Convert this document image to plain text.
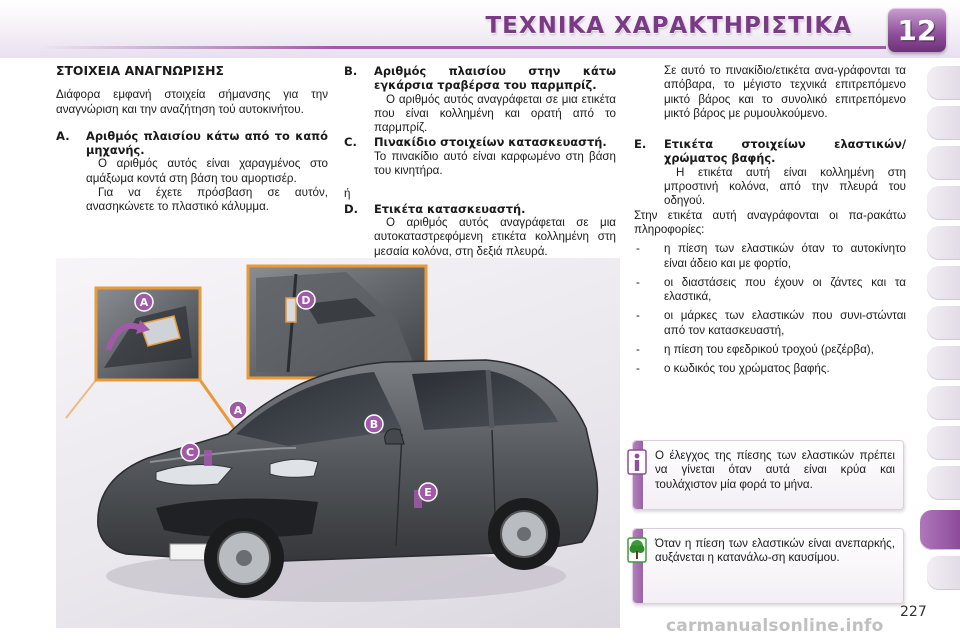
ΤΕΧΝΙΚΑ ΧΑΡΑΚΤΗΡΙΣΤΙΚΑ	12

ΣΤΟΙΧΕΙΑ ΑΝΑΓΝΩΡΙΣΗΣ

Διάφορα εμφανή στοιχεία σήμανσης για την αναγνώριση και την αναζήτηση τού αυτοκινήτου.

A. Αριθμός πλαισίου κάτω από το καπό μηχανής.

Ο αριθμός αυτός είναι χαραγμένος στο αμάξωμα κοντά στη βάση του αμορτισέρ.

Για να έχετε πρόσβαση σε αυτόν, ανασηκώνετε το πλαστικό κάλυμμα.

B. Αριθμός πλαισίου στην κάτω εγκάρσια τραβέρσα του παρμπρίζ.

Ο αριθμός αυτός αναγράφεται σε μια ετικέτα που είναι κολλημένη και ορατή από το παρμπρίζ.

C. Πινακίδιο στοιχείων κατασκευαστή.

Το πινακίδιο αυτό είναι καρφωμένο στη βάση του κινητήρα.

ή

D. Ετικέτα κατασκευαστή.

Ο αριθμός αυτός αναγράφεται σε μια αυτοκαταστρεφόμενη ετικέτα κολλημένη στη μεσαία κολόνα, στη δεξιά πλευρά.

Σε αυτό το πινακίδιο/ετικέτα ανα-γράφονται τα απόβαρα, το μέγιστο τεχνικά επιτρεπόμενο μικτό βάρος και το συνολικό επιτρεπόμενο μικτό βάρος με ρυμουλκούμενο.

E. Ετικέτα στοιχείων ελαστικών/ χρώματος βαφής.

Η ετικέτα αυτή είναι κολλημένη στη μπροστινή κολόνα, από την πλευρά του οδηγού.

Στην ετικέτα αυτή αναγράφονται οι πα-ρακάτω πληροφορίες:

- η πίεση των ελαστικών όταν το αυτοκίνητο είναι άδειο και με φορτίο,
- οι διαστάσεις που έχουν οι ζάντες και τα ελαστικά,
- οι μάρκες των ελαστικών που συνι-στώνται από τον κατασκευαστή,
- η πίεση του εφεδρικού τροχού (ρεζέρβα),
- ο κωδικός του χρώματος βαφής.
A
A
B
C
D
E

Ο έλεγχος της πίεσης των ελαστικών πρέπει να γίνεται όταν αυτά είναι κρύα και τουλάχιστον μία φορά το μήνα.

Όταν η πίεση των ελαστικών είναι ανεπαρκής, αυξάνεται η κατανάλω-ση καυσίμου.

227
carmanualsonline.info
